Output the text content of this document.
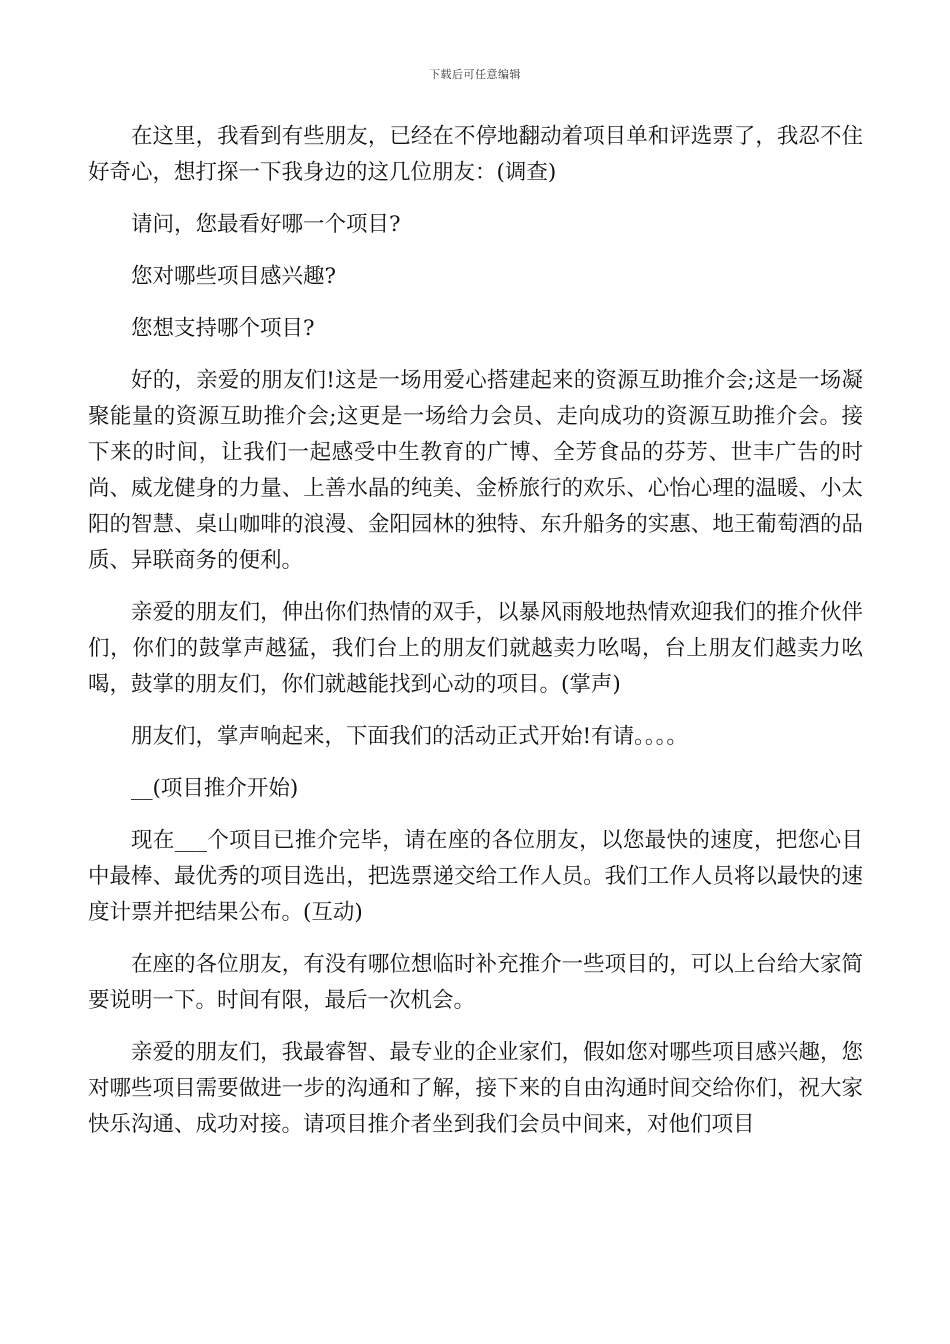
下载后可任意编辑

在这里，我看到有些朋友，已经在不停地翻动着项目单和评选票了，我忍不住好奇心，想打探一下我身边的这几位朋友：(调查)

请问，您最看好哪一个项目?

您对哪些项目感兴趣?

您想支持哪个项目?

好的，亲爱的朋友们!这是一场用爱心搭建起来的资源互助推介会;这是一场凝聚能量的资源互助推介会;这更是一场给力会员、走向成功的资源互助推介会。接下来的时间，让我们一起感受中生教育的广博、全芳食品的芬芳、世丰广告的时尚、威龙健身的力量、上善水晶的纯美、金桥旅行的欢乐、心怡心理的温暖、小太阳的智慧、桌山咖啡的浪漫、金阳园林的独特、东升船务的实惠、地王葡萄酒的品质、异联商务的便利。

亲爱的朋友们，伸出你们热情的双手，以暴风雨般地热情欢迎我们的推介伙伴们，你们的鼓掌声越猛，我们台上的朋友们就越卖力吆喝，台上朋友们越卖力吆喝，鼓掌的朋友们，你们就越能找到心动的项目。(掌声)

朋友们，掌声响起来，下面我们的活动正式开始!有请。。。。

__(项目推介开始)

现在___个项目已推介完毕，请在座的各位朋友，以您最快的速度，把您心目中最棒、最优秀的项目选出，把选票递交给工作人员。我们工作人员将以最快的速度计票并把结果公布。(互动)

在座的各位朋友，有没有哪位想临时补充推介一些项目的，可以上台给大家简要说明一下。时间有限，最后一次机会。

亲爱的朋友们，我最睿智、最专业的企业家们，假如您对哪些项目感兴趣，您对哪些项目需要做进一步的沟通和了解，接下来的自由沟通时间交给你们，祝大家快乐沟通、成功对接。请项目推介者坐到我们会员中间来，对他们项目
